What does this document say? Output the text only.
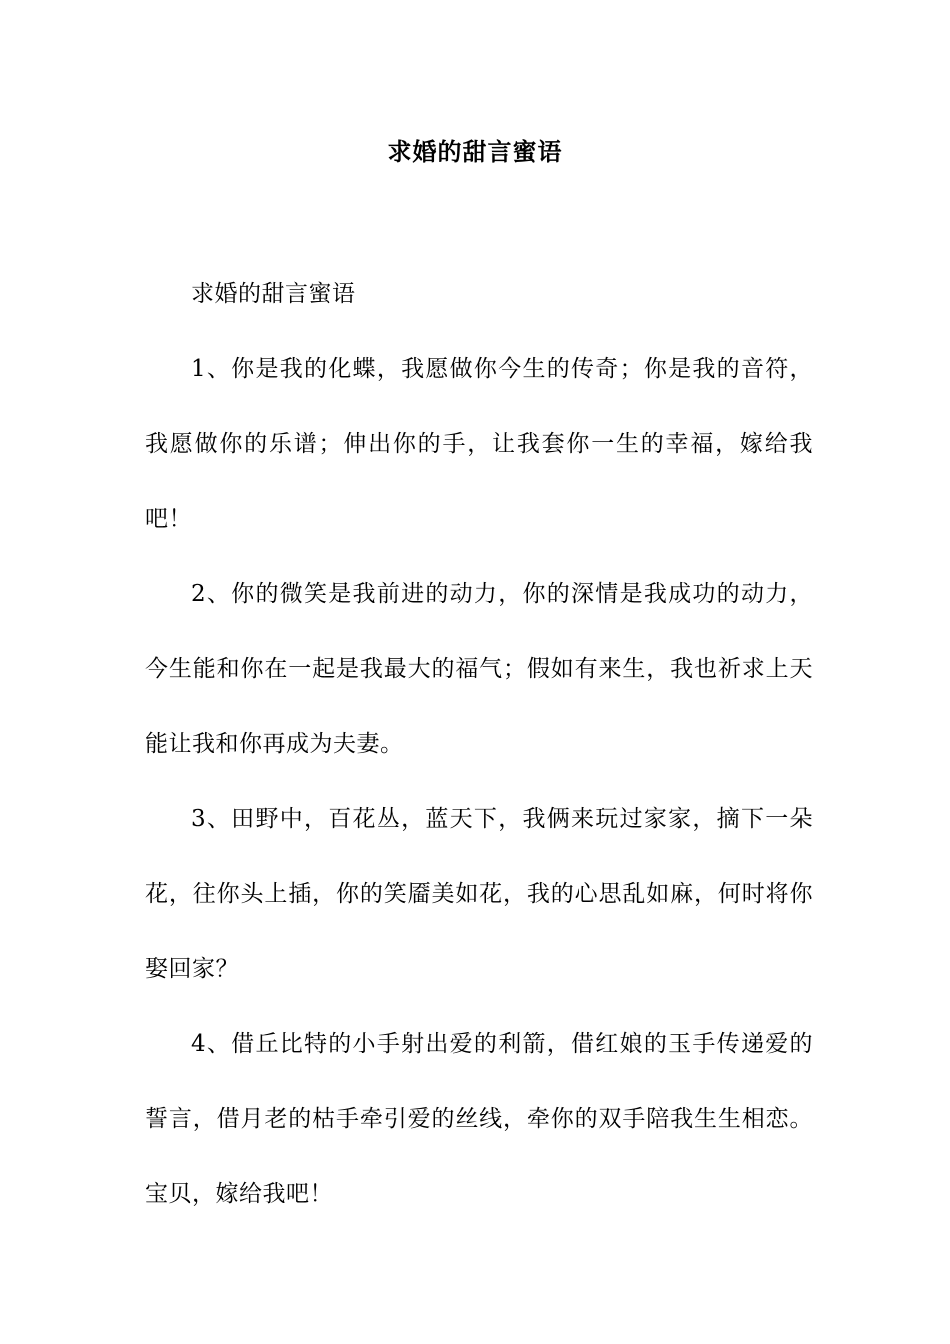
求婚的甜言蜜语

求婚的甜言蜜语

1、你是我的化蝶，我愿做你今生的传奇；你是我的音符，我愿做你的乐谱；伸出你的手，让我套你一生的幸福，嫁给我吧！

2、你的微笑是我前进的动力，你的深情是我成功的动力，今生能和你在一起是我最大的福气；假如有来生，我也祈求上天能让我和你再成为夫妻。

3、田野中，百花丛，蓝天下，我俩来玩过家家，摘下一朵花，往你头上插，你的笑靥美如花，我的心思乱如麻，何时将你娶回家？

4、借丘比特的小手射出爱的利箭，借红娘的玉手传递爱的誓言，借月老的枯手牵引爱的丝线，牵你的双手陪我生生相恋。宝贝，嫁给我吧！
